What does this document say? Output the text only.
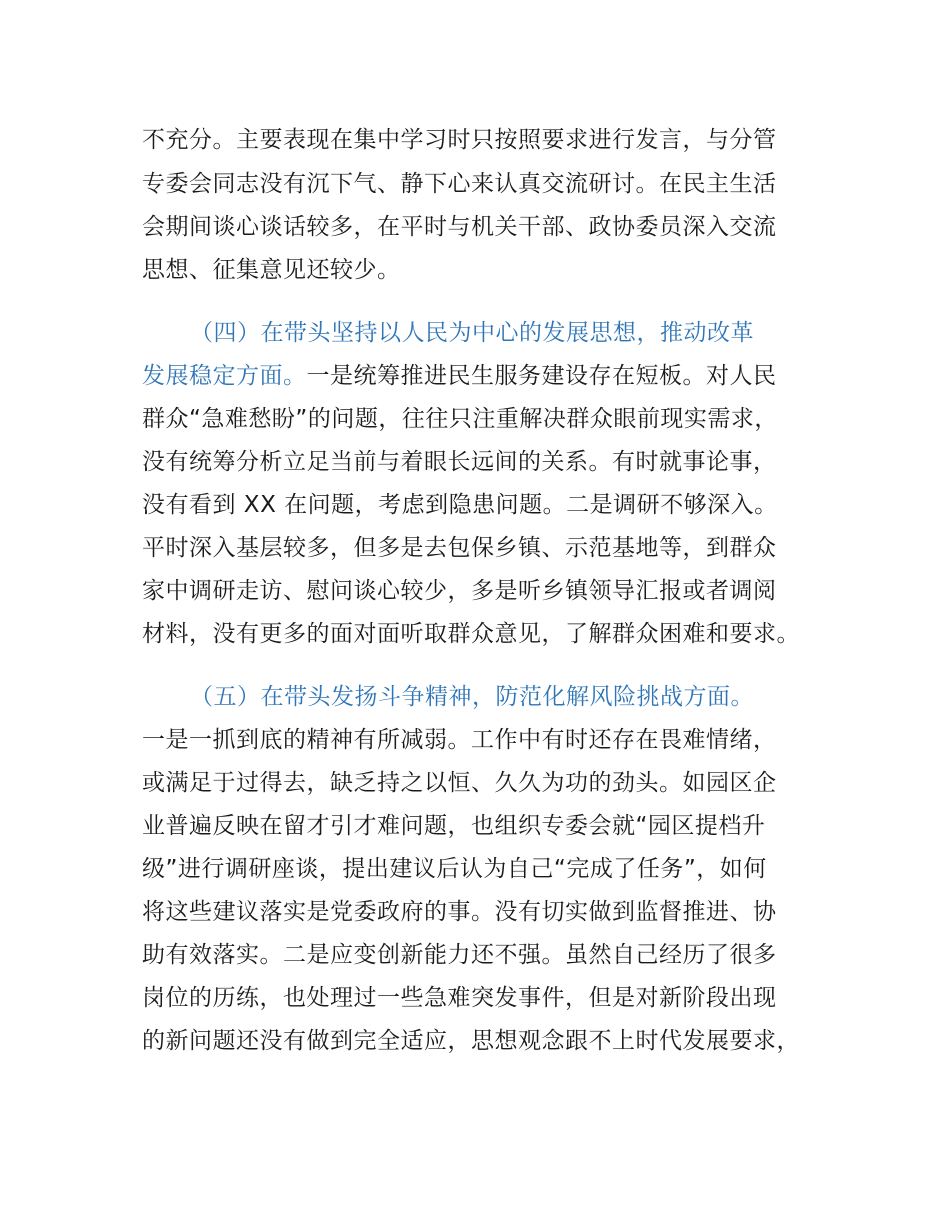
不充分。主要表现在集中学习时只按照要求进行发言，与分管
专委会同志没有沉下气、静下心来认真交流研讨。在民主生活
会期间谈心谈话较多，在平时与机关干部、政协委员深入交流
思想、征集意见还较少。
（四）在带头坚持以人民为中心的发展思想，推动改革
发展稳定方面。一是统筹推进民生服务建设存在短板。对人民
群众“急难愁盼”的问题，往往只注重解决群众眼前现实需求，
没有统筹分析立足当前与着眼长远间的关系。有时就事论事，
没有看到 XX 在问题，考虑到隐患问题。二是调研不够深入。
平时深入基层较多，但多是去包保乡镇、示范基地等，到群众
家中调研走访、慰问谈心较少，多是听乡镇领导汇报或者调阅
材料，没有更多的面对面听取群众意见，了解群众困难和要求。
（五）在带头发扬斗争精神，防范化解风险挑战方面。
一是一抓到底的精神有所减弱。工作中有时还存在畏难情绪，
或满足于过得去，缺乏持之以恒、久久为功的劲头。如园区企
业普遍反映在留才引才难问题，也组织专委会就“园区提档升
级”进行调研座谈，提出建议后认为自己“完成了任务”，如何
将这些建议落实是党委政府的事。没有切实做到监督推进、协
助有效落实。二是应变创新能力还不强。虽然自己经历了很多
岗位的历练，也处理过一些急难突发事件，但是对新阶段出现
的新问题还没有做到完全适应，思想观念跟不上时代发展要求，
